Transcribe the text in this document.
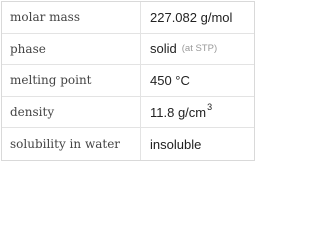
molar mass	227.082 g/mol
phase	solid (at STP)
melting point	450 °C
density	11.8 g/cm 3
solubility in water	insoluble
